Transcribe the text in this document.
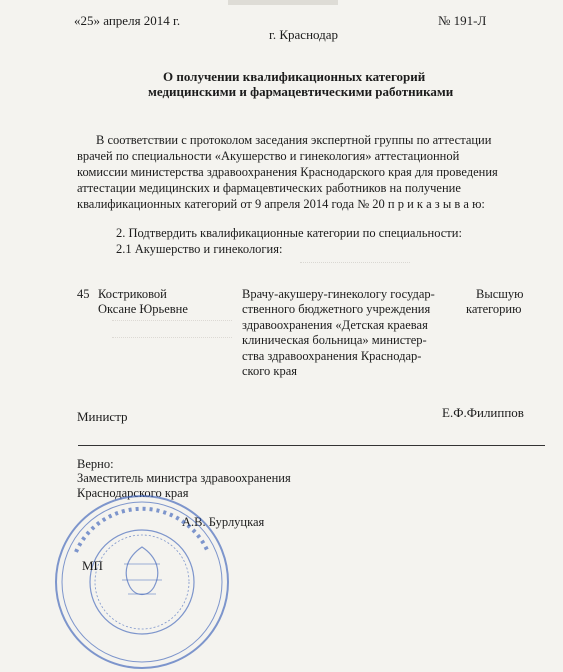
«25» апреля 2014 г.	№ 191-Л
г. Краснодар
О получении квалификационных категорий
медицинскими и фармацевтическими работниками
В соответствии с протоколом заседания экспертной группы по аттестации
врачей по специальности «Акушерство и гинекология» аттестационной
комиссии министерства здравоохранения Краснодарского края для проведения
аттестации медицинских и фармацевтических работников на получение
квалификационных категорий от 9 апреля 2014 года № 20 п р и к а з ы в а ю:
2. Подтвердить квалификационные категории по специальности:
2.1 Акушерство и гинекология:
45 Костриковой
Оксане Юрьевне
Врачу-акушеру-гинекологу государ-
ственного бюджетного учреждения
здравоохранения «Детская краевая
клиническая больница» министер-
ства здравоохранения Краснодар-
ского края
Высшую
категорию
Министр	Е.Ф.Филиппов
Верно:
Заместитель министра здравоохранения
Краснодарского края
А.В. Бурлуцкая
МП
